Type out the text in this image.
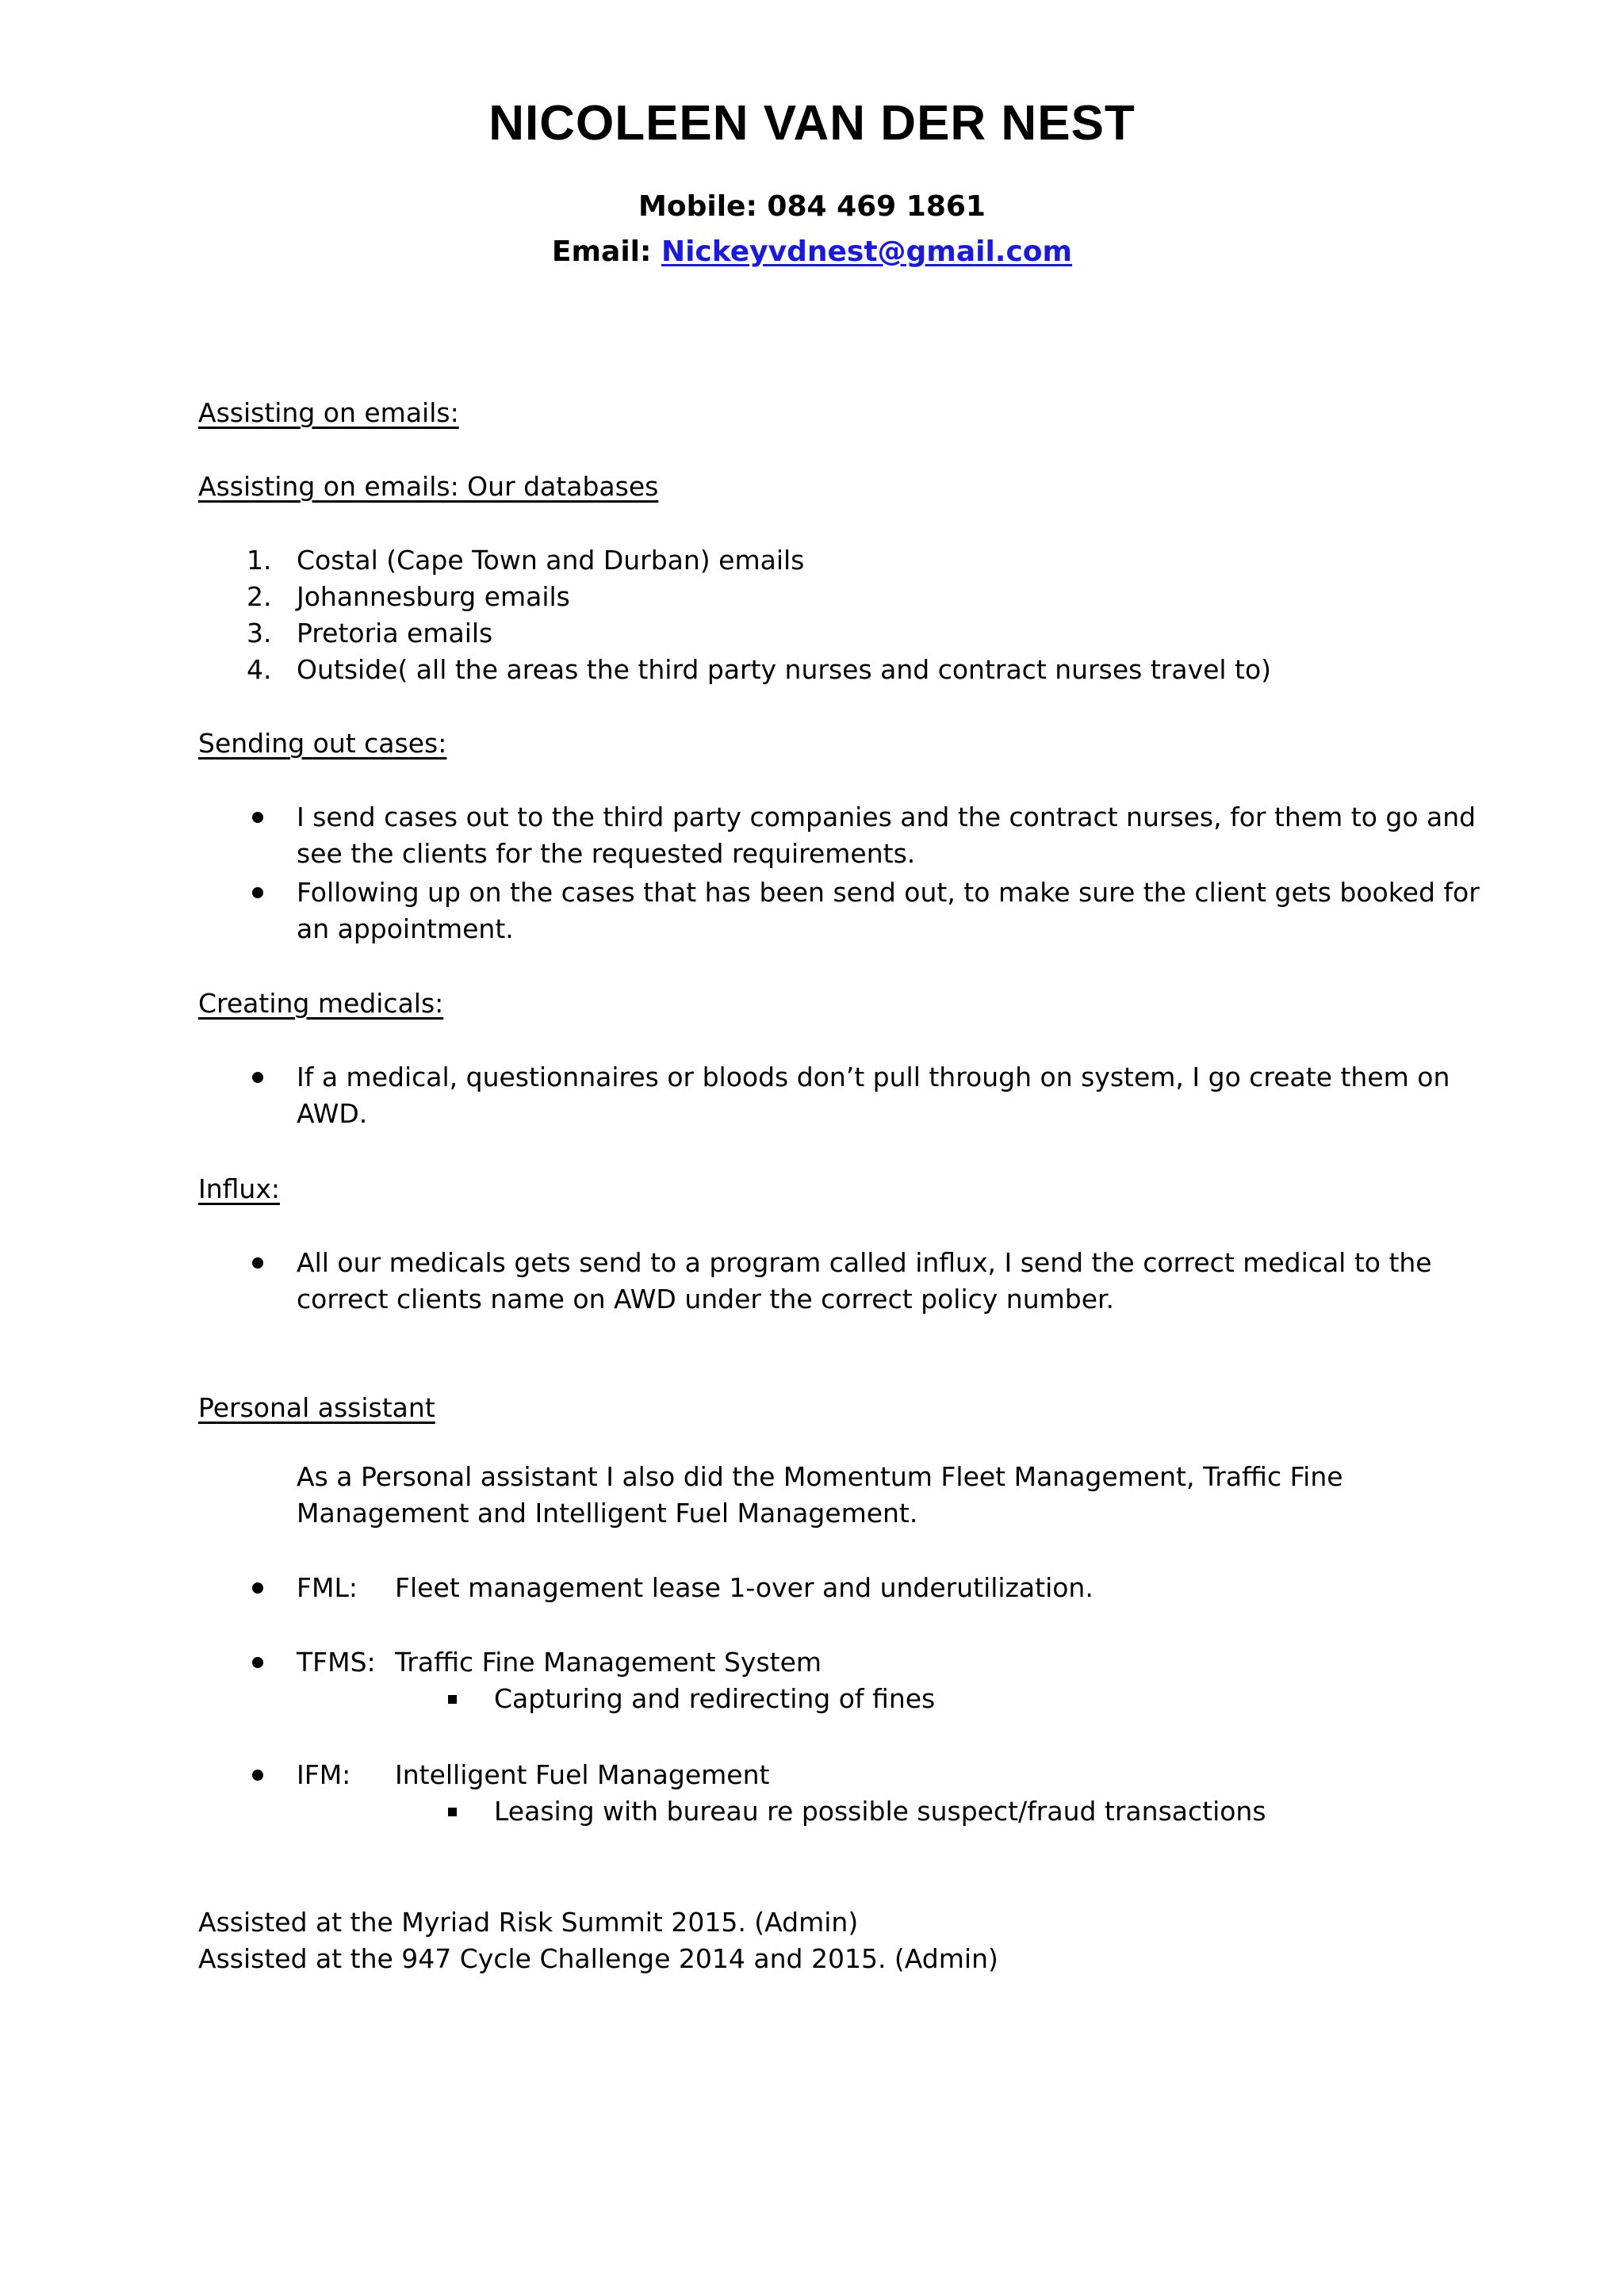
NICOLEEN VAN DER NEST
Mobile: 084 469 1861
Email: Nickeyvdnest@gmail.com
Assisting on emails:
Assisting on emails: Our databases
1. Costal (Cape Town and Durban) emails
2. Johannesburg emails
3. Pretoria emails
4. Outside( all the areas the third party nurses and contract nurses travel to)
Sending out cases:
I send cases out to the third party companies and the contract nurses, for them to go and
see the clients for the requested requirements.
Following up on the cases that has been send out, to make sure the client gets booked for
an appointment.
Creating medicals:
If a medical, questionnaires or bloods don’t pull through on system, I go create them on
AWD.
Influx:
All our medicals gets send to a program called influx, I send the correct medical to the
correct clients name on AWD under the correct policy number.
Personal assistant
As a Personal assistant I also did the Momentum Fleet Management, Traffic Fine
Management and Intelligent Fuel Management.
FML: Fleet management lease 1-over and underutilization.
TFMS: Traffic Fine Management System
Capturing and redirecting of fines
IFM: Intelligent Fuel Management
Leasing with bureau re possible suspect/fraud transactions
Assisted at the Myriad Risk Summit 2015. (Admin)
Assisted at the 947 Cycle Challenge 2014 and 2015. (Admin)
